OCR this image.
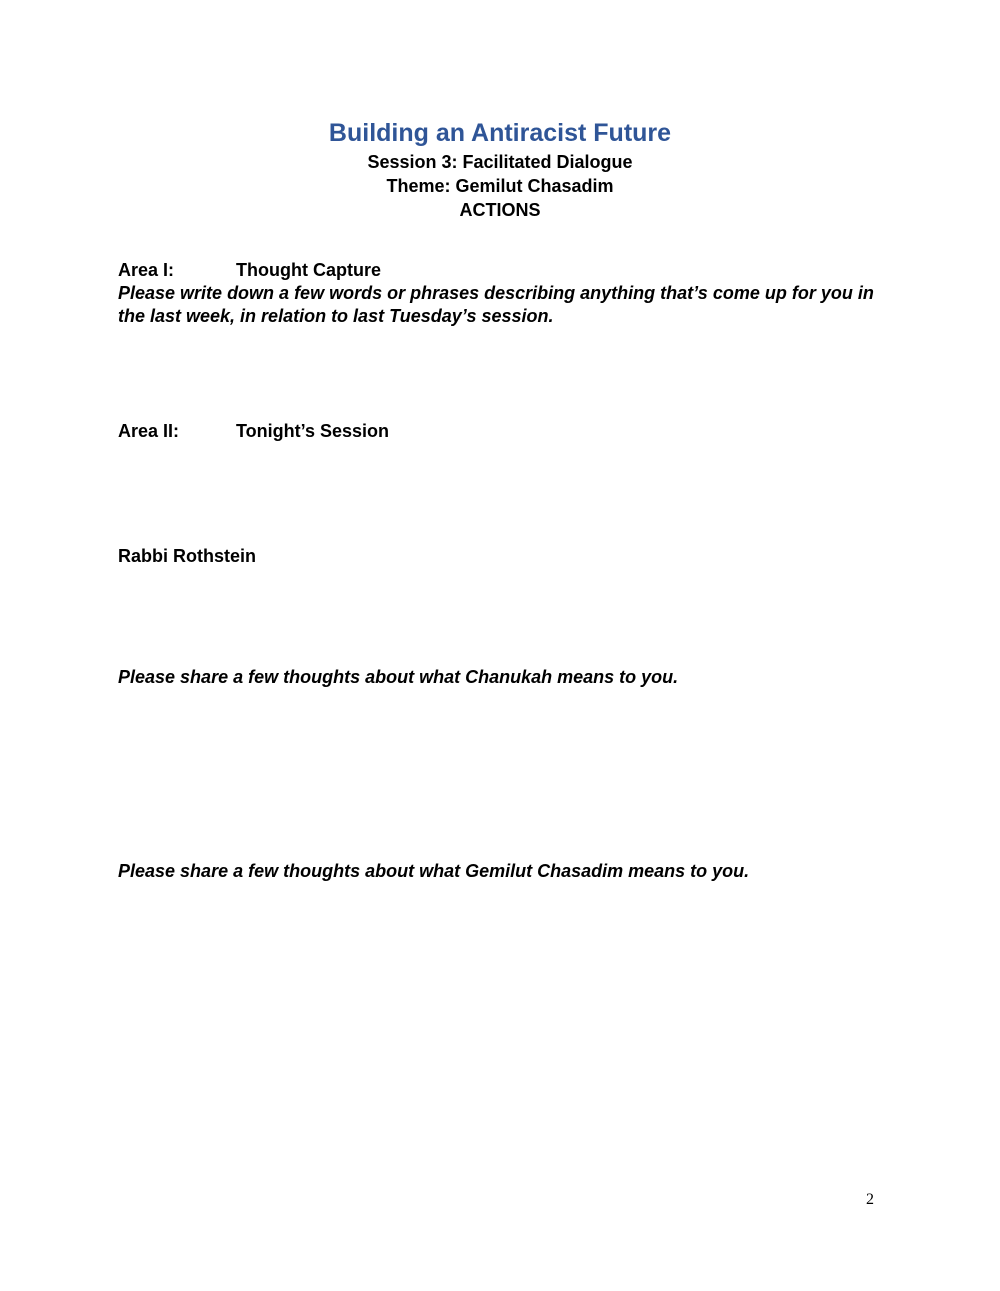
Building an Antiracist Future
Session 3: Facilitated Dialogue
Theme: Gemilut Chasadim
ACTIONS
Area I:	Thought Capture
Please write down a few words or phrases describing anything that’s come up for you in the last week, in relation to last Tuesday’s session.
Area II:	Tonight’s Session
Rabbi Rothstein
Please share a few thoughts about what Chanukah means to you.
Please share a few thoughts about what Gemilut Chasadim means to you.
2
